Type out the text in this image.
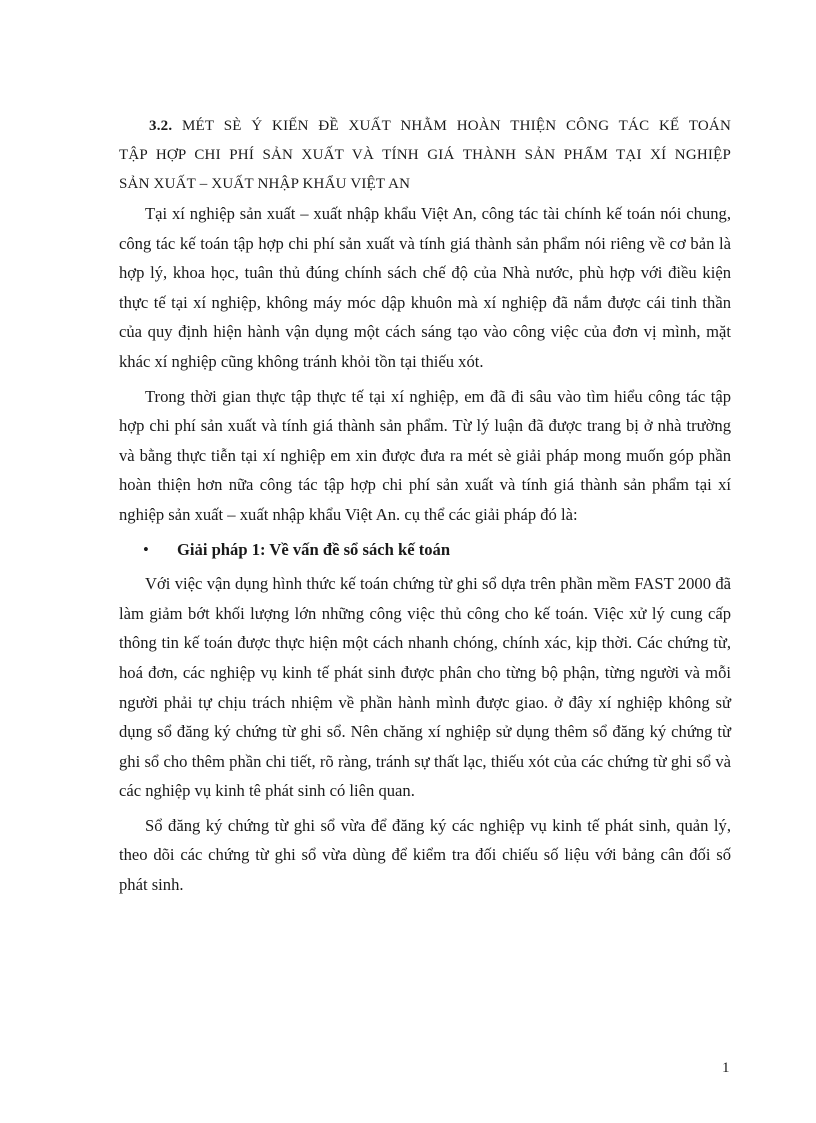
3.2. MÉT SÈ Ý KIẾN ĐỀ XUẤT NHẰM HOÀN THIỆN CÔNG TÁC KẾ TOÁN
TẬP HỢP CHI PHÍ SẢN XUẤT VÀ TÍNH GIÁ THÀNH SẢN PHẨM TẠI XÍ NGHIỆP
SẢN XUẤT – XUẤT NHẬP KHẨU VIỆT AN

Tại xí nghiệp sản xuất – xuất nhập khẩu Việt An, công tác tài chính kế toán nói chung, công tác kế toán tập hợp chi phí sản xuất và tính giá thành sản phẩm nói riêng về cơ bản là hợp lý, khoa học, tuân thủ đúng chính sách chế độ của Nhà nước, phù hợp với điều kiện thực tế tại xí nghiệp, không máy móc dập khuôn mà xí nghiệp đã nắm được cái tinh thần của quy định hiện hành vận dụng một cách sáng tạo vào công việc của đơn vị mình, mặt khác xí nghiệp cũng không tránh khỏi tồn tại thiếu xót.

Trong thời gian thực tập thực tế tại xí nghiệp, em đã đi sâu vào tìm hiểu công tác tập hợp chi phí sản xuất và tính giá thành sản phẩm. Từ lý luận đã được trang bị ở nhà trường và bằng thực tiễn tại xí nghiệp em xin được đưa ra mét sè giải pháp mong muốn góp phần hoàn thiện hơn nữa công tác tập hợp chi phí sản xuất và tính giá thành sản phẩm tại xí nghiệp sản xuất – xuất nhập khẩu Việt An. cụ thể các giải pháp đó là:

• Giải pháp 1: Về vấn đề sổ sách kế toán

Với việc vận dụng hình thức kế toán chứng từ ghi sổ dựa trên phần mềm FAST 2000 đã làm giảm bớt khối lượng lớn những công việc thủ công cho kế toán. Việc xử lý cung cấp thông tin kế toán được thực hiện một cách nhanh chóng, chính xác, kịp thời. Các chứng từ, hoá đơn, các nghiệp vụ kinh tế phát sinh được phân cho từng bộ phận, từng người và mỗi người phải tự chịu trách nhiệm về phần hành mình được giao. ở đây xí nghiệp không sử dụng sổ đăng ký chứng từ ghi sổ. Nên chăng xí nghiệp sử dụng thêm sổ đăng ký chứng từ ghi sổ cho thêm phần chi tiết, rõ ràng, tránh sự thất lạc, thiếu xót của các chứng từ ghi sổ và các nghiệp vụ kinh tê phát sinh có liên quan.

Sổ đăng ký chứng từ ghi sổ vừa để đăng ký các nghiệp vụ kinh tế phát sinh, quản lý, theo dõi các chứng từ ghi sổ vừa dùng để kiểm tra đối chiếu số liệu với bảng cân đối số phát sinh.

1
